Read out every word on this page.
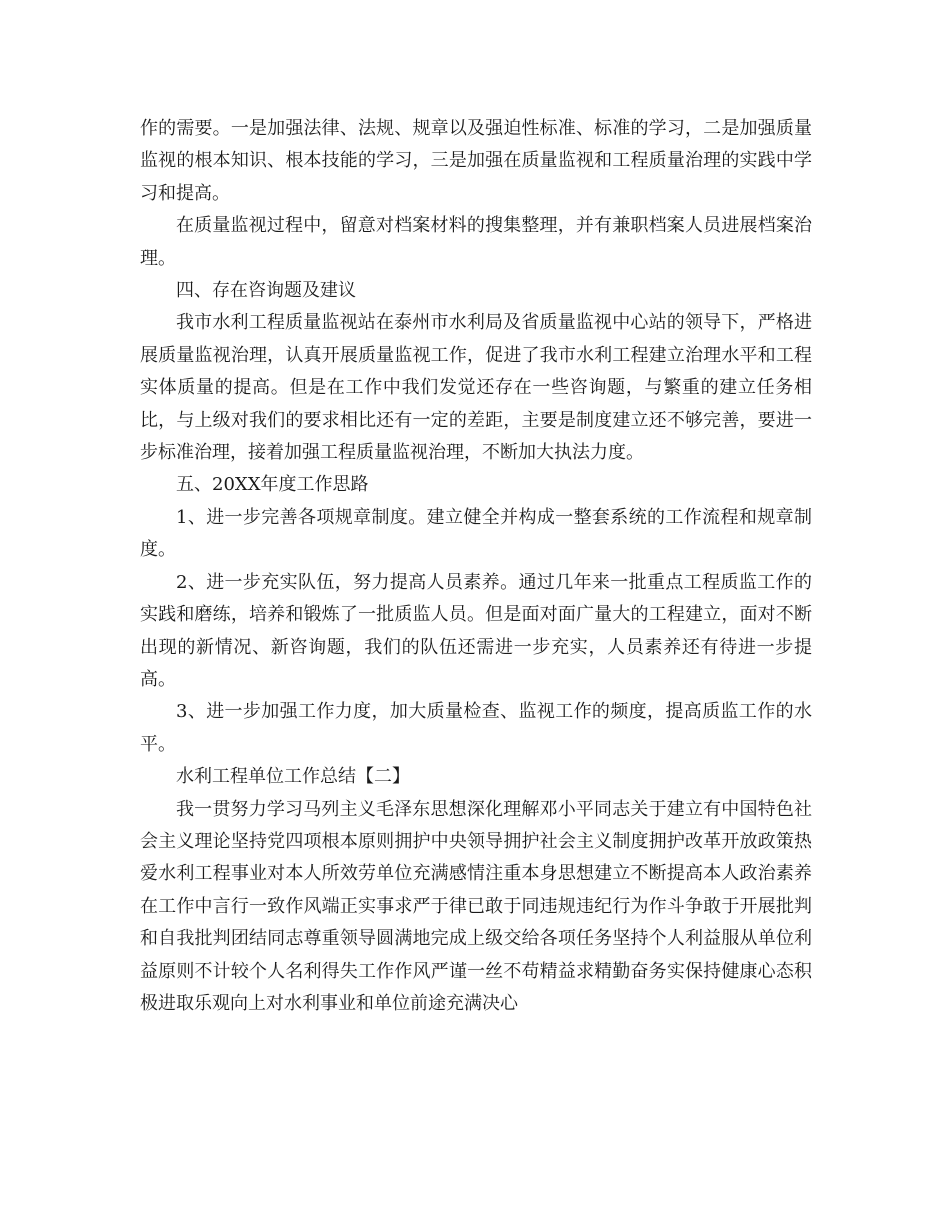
作的需要。一是加强法律、法规、规章以及强迫性标准、标准的学习，二是加强质量监视的根本知识、根本技能的学习，三是加强在质量监视和工程质量治理的实践中学习和提高。

在质量监视过程中，留意对档案材料的搜集整理，并有兼职档案人员进展档案治理。

四、存在咨询题及建议

我市水利工程质量监视站在泰州市水利局及省质量监视中心站的领导下，严格进展质量监视治理，认真开展质量监视工作，促进了我市水利工程建立治理水平和工程实体质量的提高。但是在工作中我们发觉还存在一些咨询题，与繁重的建立任务相比，与上级对我们的要求相比还有一定的差距，主要是制度建立还不够完善，要进一步标准治理，接着加强工程质量监视治理，不断加大执法力度。

五、20XX年度工作思路

1、进一步完善各项规章制度。建立健全并构成一整套系统的工作流程和规章制度。

2、进一步充实队伍，努力提高人员素养。通过几年来一批重点工程质监工作的实践和磨练，培养和锻炼了一批质监人员。但是面对面广量大的工程建立，面对不断出现的新情况、新咨询题，我们的队伍还需进一步充实，人员素养还有待进一步提高。

3、进一步加强工作力度，加大质量检查、监视工作的频度，提高质监工作的水平。

水利工程单位工作总结【二】

我一贯努力学习马列主义毛泽东思想深化理解邓小平同志关于建立有中国特色社会主义理论坚持党四项根本原则拥护中央领导拥护社会主义制度拥护改革开放政策热爱水利工程事业对本人所效劳单位充满感情注重本身思想建立不断提高本人政治素养在工作中言行一致作风端正实事求严于律已敢于同违规违纪行为作斗争敢于开展批判和自我批判团结同志尊重领导圆满地完成上级交给各项任务坚持个人利益服从单位利益原则不计较个人名利得失工作作风严谨一丝不苟精益求精勤奋务实保持健康心态积极进取乐观向上对水利事业和单位前途充满决心
